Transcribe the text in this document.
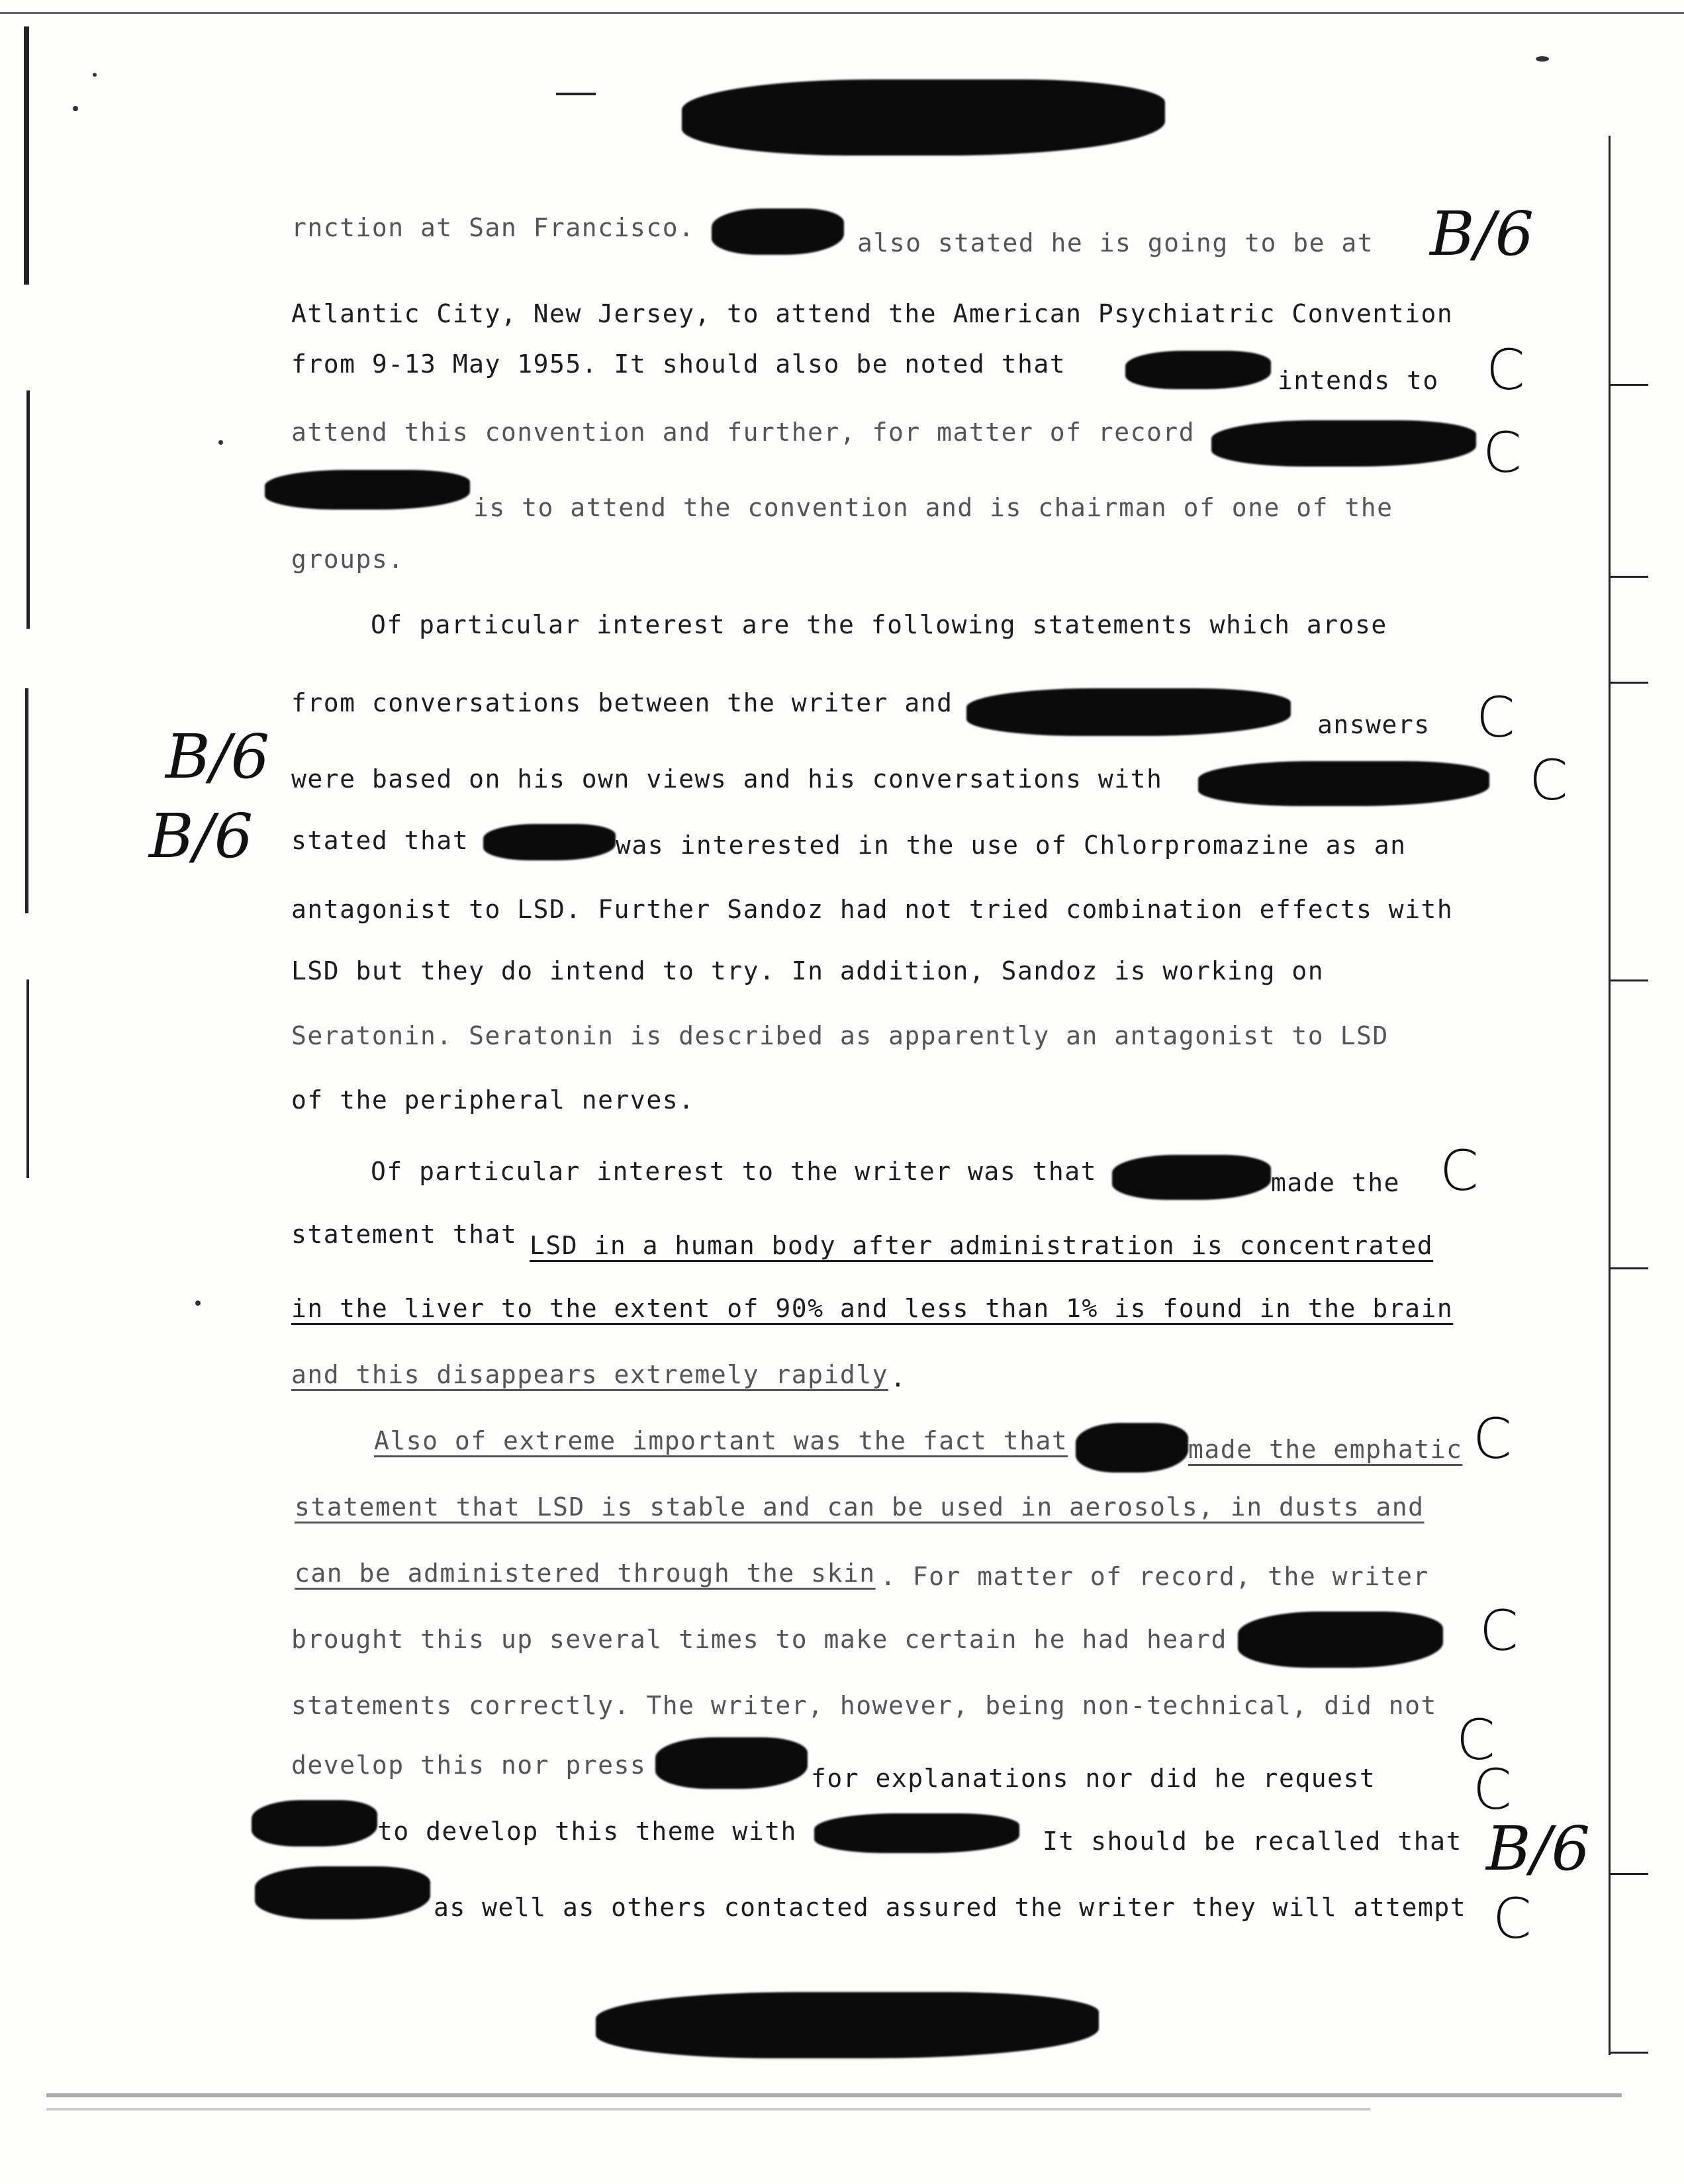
rnction at San Francisco.
also stated he is going to be at
Atlantic City, New Jersey, to attend the American Psychiatric Convention
from 9-13 May 1955. It should also be noted that
intends to
attend this convention and further, for matter of record
is to attend the convention and is chairman of one of the
groups.
Of particular interest are the following statements which arose
from conversations between the writer and
answers
were based on his own views and his conversations with
stated that	was interested in the use of Chlorpromazine as an
antagonist to LSD. Further Sandoz had not tried combination effects with
LSD but they do intend to try. In addition, Sandoz is working on
Seratonin. Seratonin is described as apparently an antagonist to LSD
of the peripheral nerves.
Of particular interest to the writer was that	made the
statement that LSD in a human body after administration is concentrated
in the liver to the extent of 90% and less than 1% is found in the brain
and this disappears extremely rapidly .
Also of extreme important was the fact that	made the emphatic
statement that LSD is stable and can be used in aerosols, in dusts and
can be administered through the skin . For matter of record, the writer
brought this up several times to make certain he had heard
statements correctly. The writer, however, being non-technical, did not
develop this nor press	for explanations nor did he request
to develop this theme with	It should be recalled that
as well as others contacted assured the writer they will attempt
B/6
B/6
B/6
B/6
C
C
C
C
C
C
C
C
C
C
